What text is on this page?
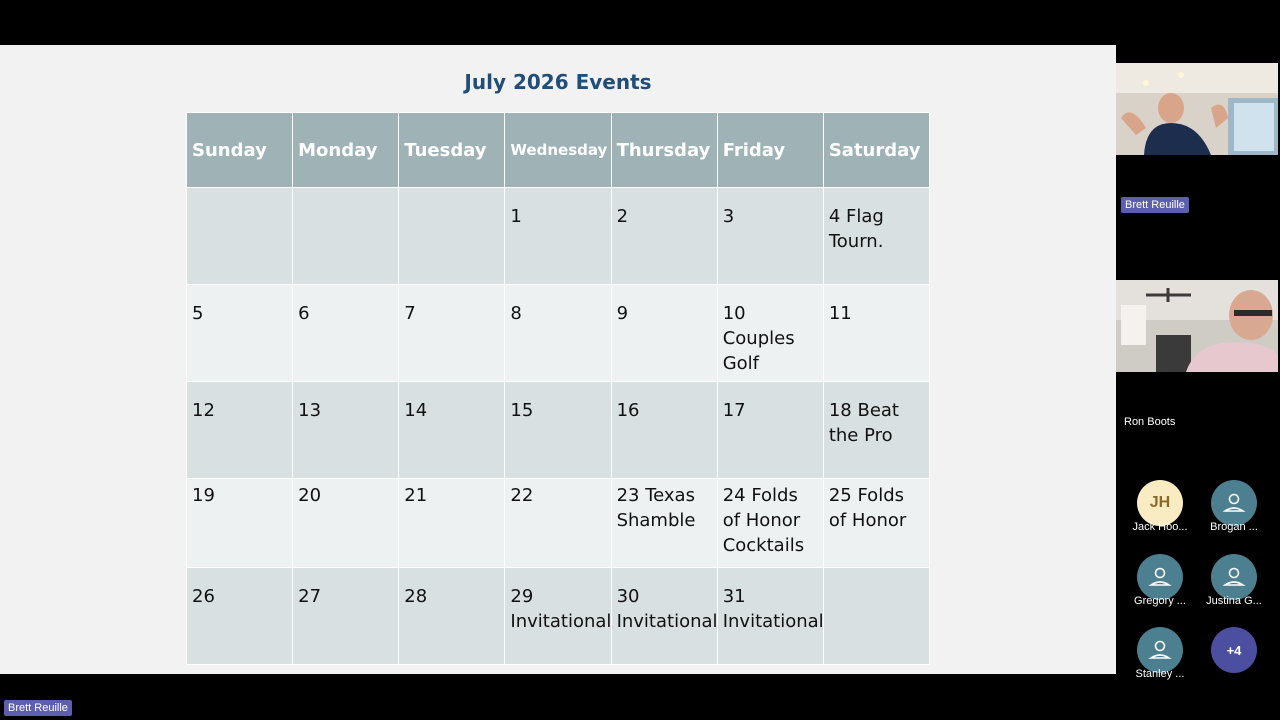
July 2026 Events
Sunday	Monday	Tuesday	Wednesday	Thursday	Friday	Saturday
			1	2	3	4 Flag Tourn.
5	6	7	8	9	10 Couples Golf	11
12	13	14	15	16	17	18 Beat the Pro
19	20	21	22	23 Texas Shamble	24 Folds of Honor Cocktails	25 Folds of Honor
26	27	28	29 Invitational	30 Invitational	31 Invitational	
Brett Reuille
Ron Boots
JH
Jack Hoo...	Brogan ...
Gregory ...	Justina G...
Stanley ...
+4
Brett Reuille
